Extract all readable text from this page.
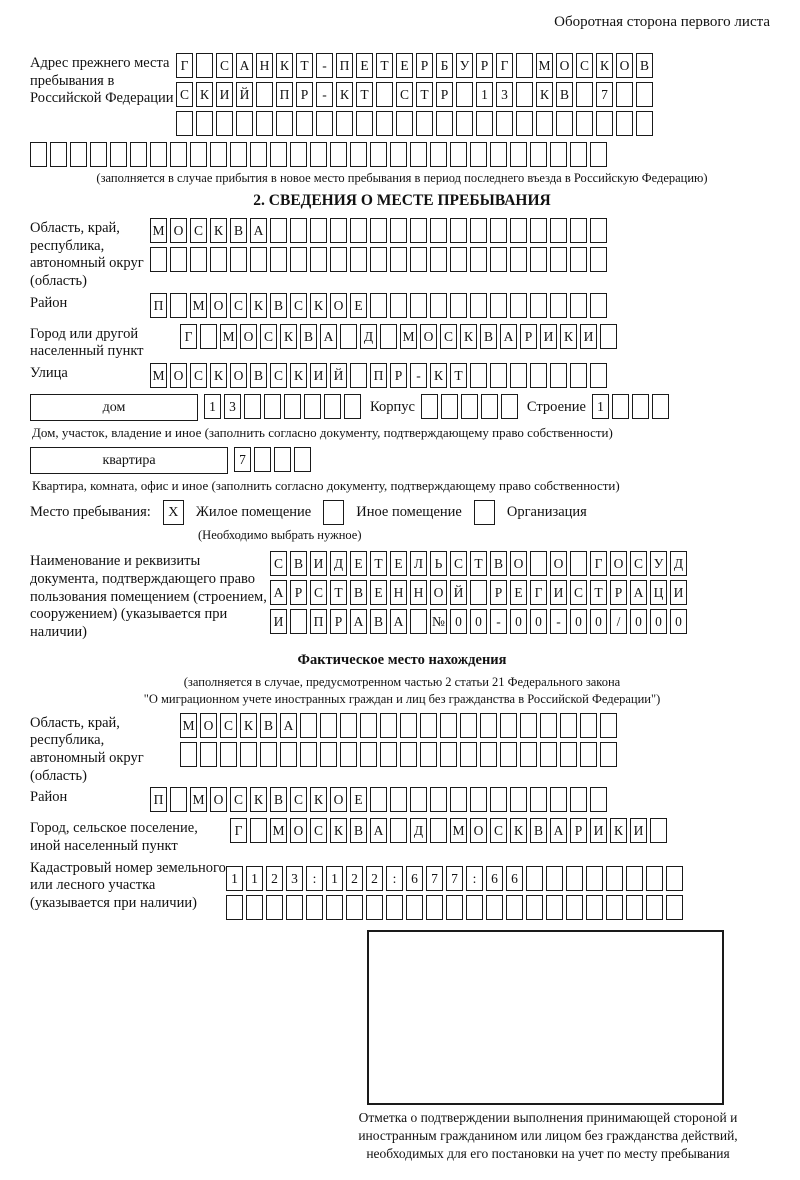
Оборотная сторона первого листа
Адрес прежнего места пребывания в Российской Федерации
Г С А Н К Т - П Е Т Е Р Б У Р Г М О С К О В
С К И Й П Р - К Т С Т Р 1 3 К В 7
(заполняется в случае прибытия в новое место пребывания в период последнего въезда в Российскую Федерацию)
2. СВЕДЕНИЯ О МЕСТЕ ПРЕБЫВАНИЯ
Область, край, республика, автономный округ (область)
М О С К В А
Район	П М О С К В С К О Е
Город или другой населенный пункт
Г М О С К В А Д М О С К В А Р И К И
Улица	М О С К О В С К И Й П Р - К Т
дом	1 3	Корпус	Строение 1
Дом, участок, владение и иное (заполнить согласно документу, подтверждающему право собственности)
квартира	7
Квартира, комната, офис и иное (заполнить согласно документу, подтверждающему право собственности)
Место пребывания:	X	Жилое помещение	Иное помещение	Организация
(Необходимо выбрать нужное)
Наименование и реквизиты документа, подтверждающего право пользования помещением (строением, сооружением) (указывается при наличии)
С В И Д Е Т Е Л Ь С Т В О О Г О С У Д
А Р С Т В Е Н Н О Й Р Е Г И С Т Р А Ц И
И П Р А В А № 0 0 - 0 0 - 0 0 / 0 0 0
Фактическое место нахождения
(заполняется в случае, предусмотренном частью 2 статьи 21 Федерального закона
"О миграционном учете иностранных граждан и лиц без гражданства в Российской Федерации")
Область, край, республика, автономный округ (область)
М О С К В А
Район	П М О С К В С К О Е
Город, сельское поселение, иной населенный пункт
Г М О С К В А Д М О С К В А Р И К И
Кадастровый номер земельного или лесного участка (указывается при наличии)
1 1 2 3 : 1 2 2 : 6 7 7 : 6 6
Отметка о подтверждении выполнения принимающей стороной и иностранным гражданином или лицом без гражданства действий, необходимых для его постановки на учет по месту пребывания
